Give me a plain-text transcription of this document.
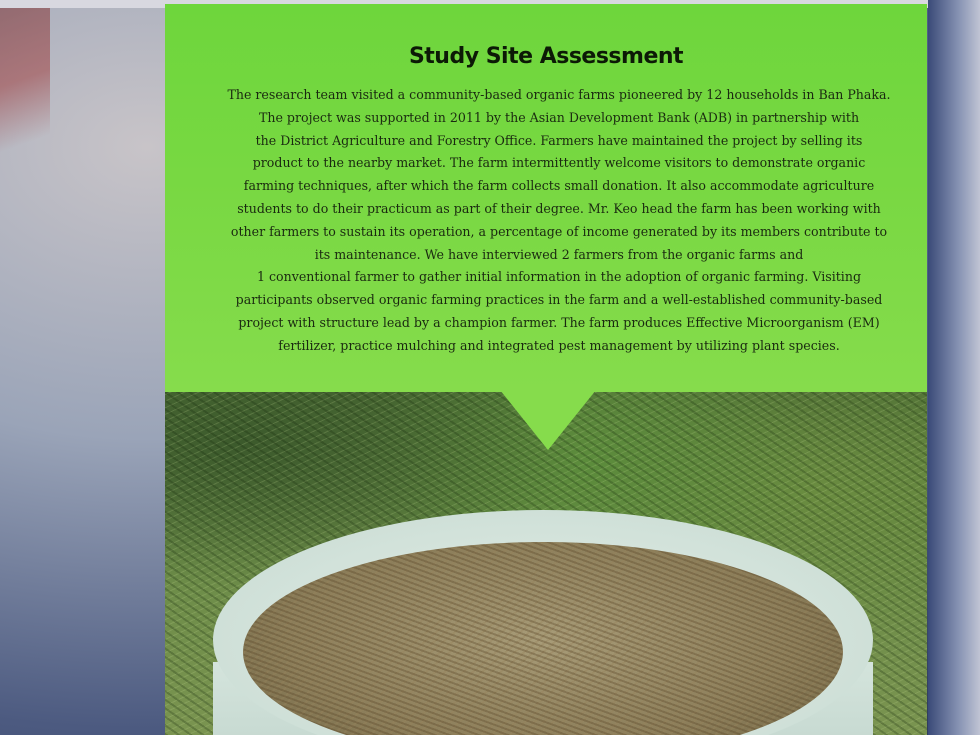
Study Site Assessment
The research team visited a community-based organic farms pioneered by 12 households in Ban Phaka.
The project was supported in 2011 by the Asian Development Bank (ADB) in partnership with
the District Agriculture and Forestry Office. Farmers have maintained the project by selling its
product to the nearby market. The farm intermittently welcome visitors to demonstrate organic
farming techniques, after which the farm collects small donation. It also accommodate agriculture
students to do their practicum as part of their degree. Mr. Keo head the farm has been working with
other farmers to sustain its operation, a percentage of income generated by its members contribute to
its maintenance. We have interviewed 2 farmers from the organic farms and
1 conventional farmer to gather initial information in the adoption of organic farming. Visiting
participants observed organic farming practices in the farm and a well-established community-based
project with structure lead by a champion farmer. The farm produces Effective Microorganism (EM)
fertilizer, practice mulching and integrated pest management by utilizing plant species.
